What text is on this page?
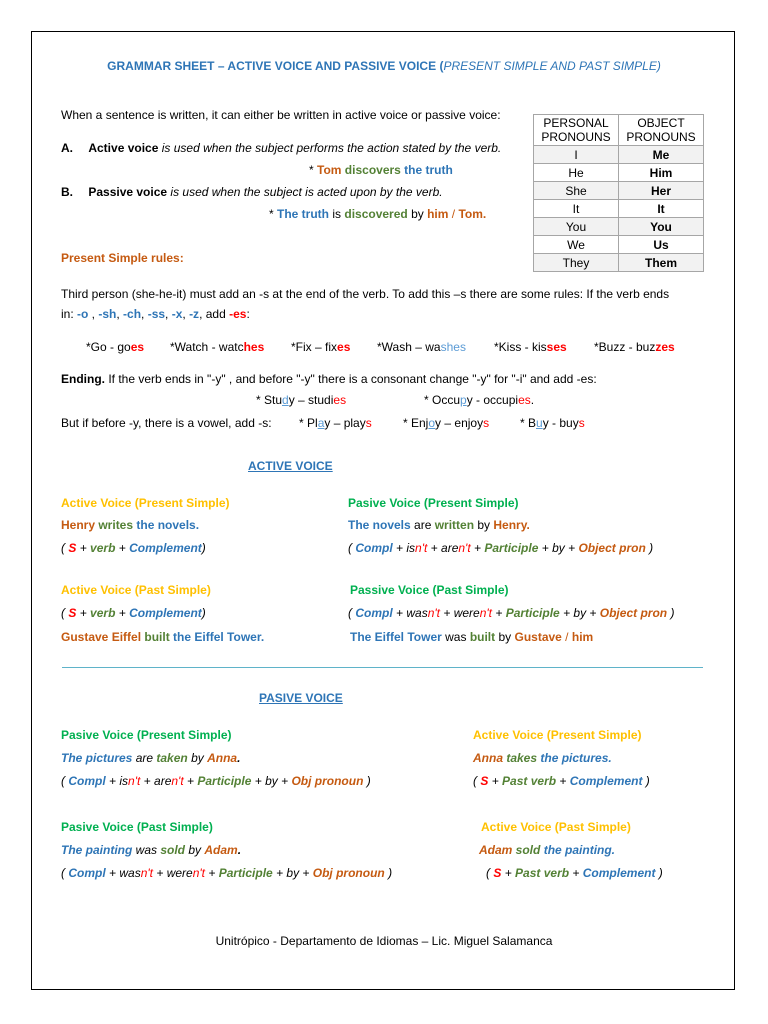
GRAMMAR SHEET – ACTIVE VOICE AND PASSIVE VOICE (PRESENT SIMPLE AND PAST SIMPLE)
When a sentence is written, it can either be written in active voice or passive voice:
A. Active voice is used when the subject performs the action stated by the verb.
* Tom discovers the truth
B. Passive voice is used when the subject is acted upon by the verb.
* The truth is discovered by him / Tom.
PERSONAL PRONOUNS	OBJECT PRONOUNS
I	Me
He	Him
She	Her
It	It
You	You
We	Us
They	Them
Present Simple rules:
Third person (she-he-it) must add an -s at the end of the verb. To add this –s there are some rules: If the verb ends
in: -o , -sh, -ch, -ss, -x, -z, add -es:
*Go - goes *Watch - watches *Fix – fixes *Wash – washes *Kiss - kisses *Buzz - buzzes
Ending. If the verb ends in "-y" , and before "-y" there is a consonant change "-y" for "-i" and add -es:
* Study – studies	* Occupy - occupies.
But if before -y, there is a vowel, add -s: * Play – plays	* Enjoy – enjoys	* Buy - buys
ACTIVE VOICE
Active Voice (Present Simple)
Henry writes the novels.
( S + verb + Complement)
Pasive Voice (Present Simple)
The novels are written by Henry.
( Compl + isn't + aren't + Participle + by + Object pron )
Active Voice (Past Simple)
( S + verb + Complement)
Gustave Eiffel built the Eiffel Tower.
Passive Voice (Past Simple)
( Compl + wasn't + weren't + Participle + by + Object pron )
The Eiffel Tower was built by Gustave / him
PASIVE VOICE
Pasive Voice (Present Simple)
The pictures are taken by Anna.
( Compl + isn't + aren't + Participle + by + Obj pronoun )
Active Voice (Present Simple)
Anna takes the pictures.
( S + Past verb + Complement )
Pasive Voice (Past Simple)
The painting was sold by Adam.
( Compl + wasn't + weren't + Participle + by + Obj pronoun )
Active Voice (Past Simple)
Adam sold the painting.
( S + Past verb + Complement )
Unitrópico - Departamento de Idiomas – Lic. Miguel Salamanca
